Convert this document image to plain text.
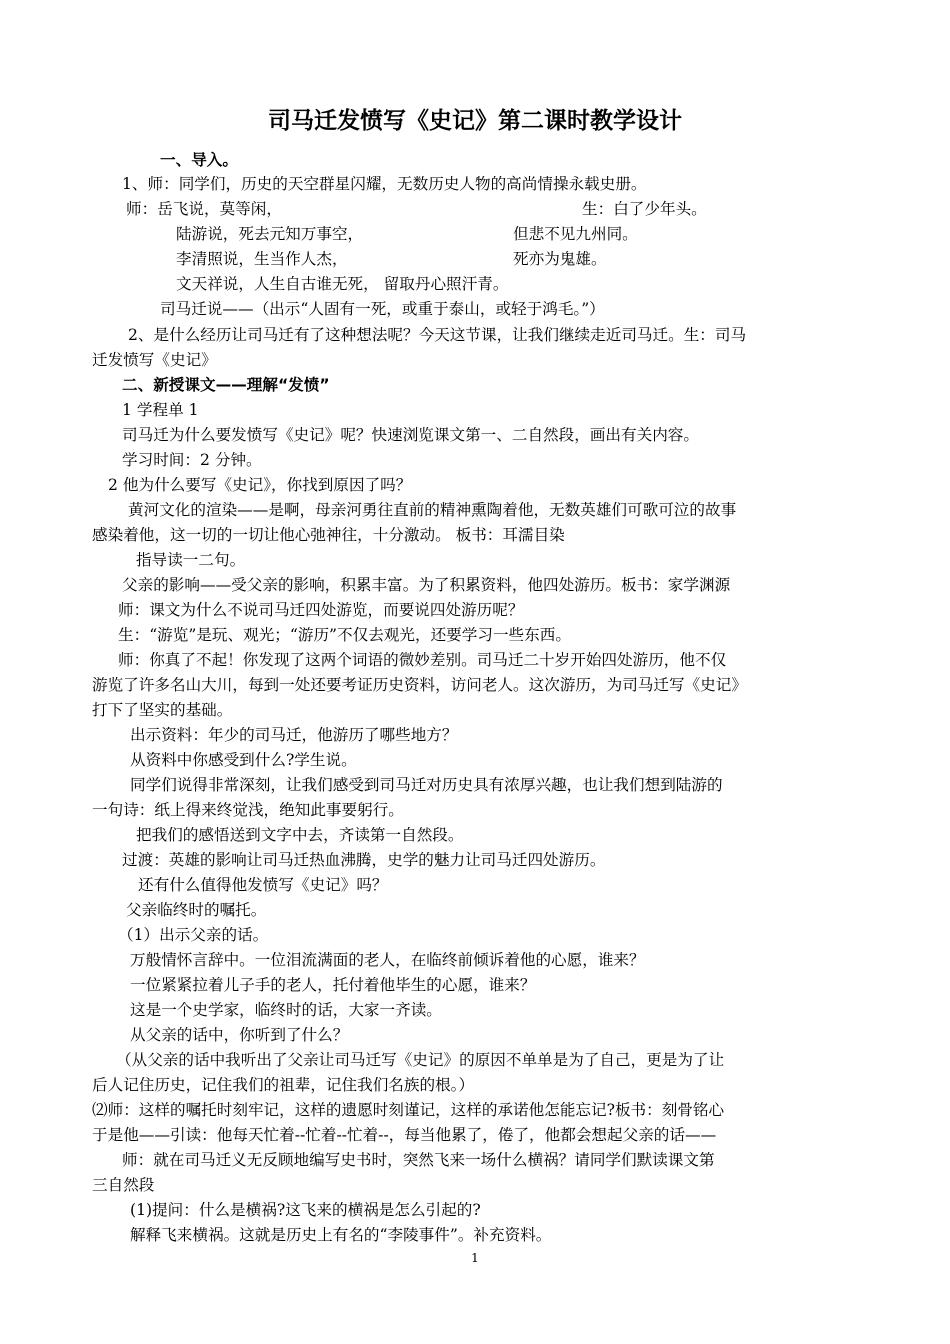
司马迁发愤写《史记》第二课时教学设计
一、导入。
1、师：同学们，历史的天空群星闪耀，无数历史人物的高尚情操永载史册。
师：岳飞说，莫等闲，	生：白了少年头。
陆游说，死去元知万事空，	但悲不见九州同。
李清照说，生当作人杰，	死亦为鬼雄。
文天祥说，人生自古谁无死， 留取丹心照汗青。
司马迁说——（出示“人固有一死，或重于泰山，或轻于鸿毛。”）
2、是什么经历让司马迁有了这种想法呢？今天这节课，让我们继续走近司马迁。生：司马
迁发愤写《史记》
二、新授课文——理解“发愤”
1 学程单 1
司马迁为什么要发愤写《史记》呢？快速浏览课文第一、二自然段，画出有关内容。
学习时间：2 分钟。
2 他为什么要写《史记》，你找到原因了吗？
黄河文化的渲染——是啊，母亲河勇往直前的精神熏陶着他，无数英雄们可歌可泣的故事
感染着他，这一切的一切让他心弛神往，十分激动。 板书：耳濡目染
指导读一二句。
父亲的影响——受父亲的影响，积累丰富。为了积累资料，他四处游历。板书：家学渊源
师：课文为什么不说司马迁四处游览，而要说四处游历呢？
生：“游览”是玩、观光；“游历”不仅去观光，还要学习一些东西。
师：你真了不起！你发现了这两个词语的微妙差别。司马迁二十岁开始四处游历，他不仅
游览了许多名山大川，每到一处还要考证历史资料，访问老人。这次游历，为司马迁写《史记》
打下了坚实的基础。
出示资料：年少的司马迁，他游历了哪些地方？
从资料中你感受到什么?学生说。
同学们说得非常深刻，让我们感受到司马迁对历史具有浓厚兴趣，也让我们想到陆游的
一句诗：纸上得来终觉浅，绝知此事要躬行。
把我们的感悟送到文字中去，齐读第一自然段。
过渡：英雄的影响让司马迁热血沸腾，史学的魅力让司马迁四处游历。
还有什么值得他发愤写《史记》吗？
父亲临终时的嘱托。
（1）出示父亲的话。
万般情怀言辞中。一位泪流满面的老人，在临终前倾诉着他的心愿，谁来？
一位紧紧拉着儿子手的老人，托付着他毕生的心愿，谁来？
这是一个史学家，临终时的话，大家一齐读。
从父亲的话中，你听到了什么？
（从父亲的话中我听出了父亲让司马迁写《史记》的原因不单单是为了自己，更是为了让
后人记住历史，记住我们的祖辈，记住我们名族的根。）
⑵师：这样的嘱托时刻牢记，这样的遗愿时刻谨记，这样的承诺他怎能忘记?板书：刻骨铭心
于是他——引读：他每天忙着--忙着--忙着--，每当他累了，倦了，他都会想起父亲的话——
师：就在司马迁义无反顾地编写史书时，突然飞来一场什么横祸？请同学们默读课文第
三自然段
(1)提问：什么是横祸?这飞来的横祸是怎么引起的?
解释飞来横祸。这就是历史上有名的“李陵事件”。补充资料。
1
